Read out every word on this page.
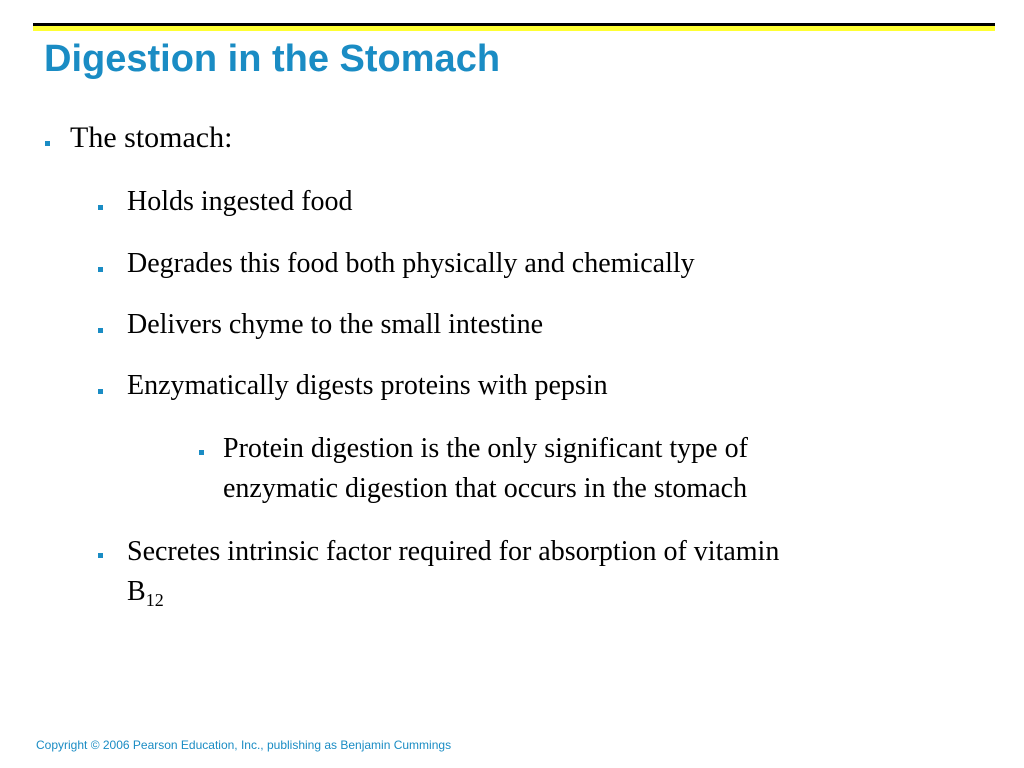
Digestion in the Stomach
The stomach:
Holds ingested food
Degrades this food both physically and chemically
Delivers chyme to the small intestine
Enzymatically digests proteins with pepsin
Protein digestion is the only significant type of
enzymatic digestion that occurs in the stomach
Secretes intrinsic factor required for absorption of vitamin
$B_{12}$
Copyright © 2006 Pearson Education, Inc., publishing as Benjamin Cummings
